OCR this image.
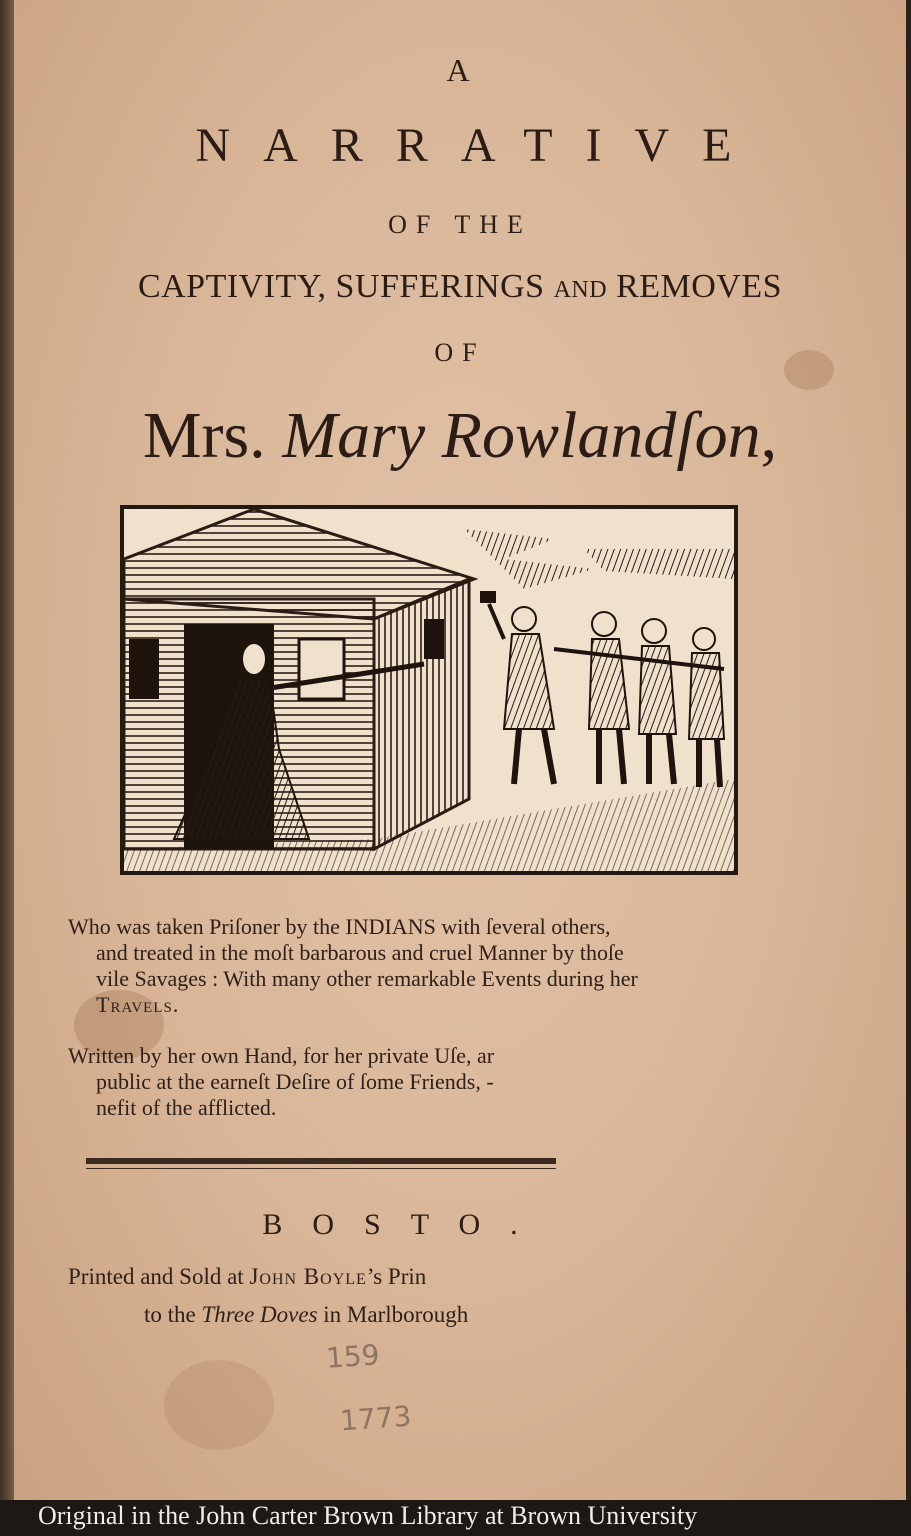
A

NARRATIVE

OF THE

CAPTIVITY, SUFFERINGS AND REMOVES

OF

Mrs. Mary Rowlandſon,

Who was taken Priſoner by the INDIANS with ſeveral others,
and treated in the moſt barbarous and cruel Manner by thoſe
vile Savages : With many other remarkable Events during her
Travels.
Written by her own Hand, for her private Uſe, ar
public at the earneſt Deſire of ſome Friends, -
nefit of the afflicted.

BOSTO.

Printed and Sold at John Boyle’s Prin
to the Three Doves in Marlborough
159
1773
Original in the John Carter Brown Library at Brown University
